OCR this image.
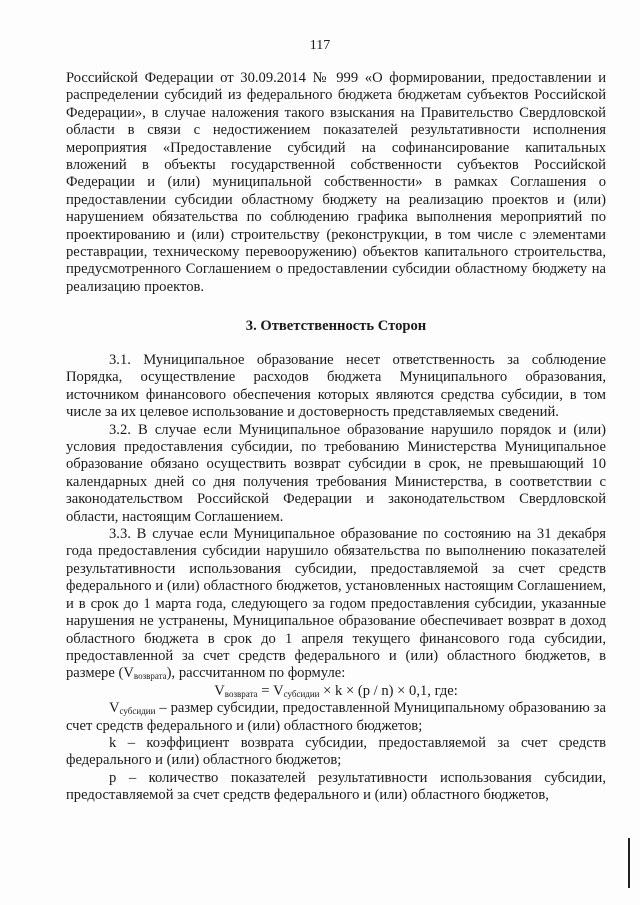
117

Российской Федерации от 30.09.2014 № 999 «О формировании, предоставлении и распределении субсидий из федерального бюджета бюджетам субъектов Российской Федерации», в случае наложения такого взыскания на Правительство Свердловской области в связи с недостижением показателей результативности исполнения мероприятия «Предоставление субсидий на софинансирование капитальных вложений в объекты государственной собственности субъектов Российской Федерации и (или) муниципальной собственности» в рамках Соглашения о предоставлении субсидии областному бюджету на реализацию проектов и (или) нарушением обязательства по соблюдению графика выполнения мероприятий по проектированию и (или) строительству (реконструкции, в том числе с элементами реставрации, техническому перевооружению) объектов капитального строительства, предусмотренного Соглашением о предоставлении субсидии областному бюджету на реализацию проектов.

3. Ответственность Сторон

3.1. Муниципальное образование несет ответственность за соблюдение Порядка, осуществление расходов бюджета Муниципального образования, источником финансового обеспечения которых являются средства субсидии, в том числе за их целевое использование и достоверность представляемых сведений.

3.2. В случае если Муниципальное образование нарушило порядок и (или) условия предоставления субсидии, по требованию Министерства Муниципальное образование обязано осуществить возврат субсидии в срок, не превышающий 10 календарных дней со дня получения требования Министерства, в соответствии с законодательством Российской Федерации и законодательством Свердловской области, настоящим Соглашением.

3.3. В случае если Муниципальное образование по состоянию на 31 декабря года предоставления субсидии нарушило обязательства по выполнению показателей результативности использования субсидии, предоставляемой за счет средств федерального и (или) областного бюджетов, установленных настоящим Соглашением, и в срок до 1 марта года, следующего за годом предоставления субсидии, указанные нарушения не устранены, Муниципальное образование обеспечивает возврат в доход областного бюджета в срок до 1 апреля текущего финансового года субсидии, предоставленной за счет средств федерального и (или) областного бюджетов, в размере $(V_{возврата})$, рассчитанном по формуле:

$V_{возврата} = V_{субсидии} \times k \times (p / n) \times 0,1$, где:

$V_{субсидии}$ – размер субсидии, предоставленной Муниципальному образованию за счет средств федерального и (или) областного бюджетов;

k – коэффициент возврата субсидии, предоставляемой за счет средств федерального и (или) областного бюджетов;

p – количество показателей результативности использования субсидии, предоставляемой за счет средств федерального и (или) областного бюджетов,
